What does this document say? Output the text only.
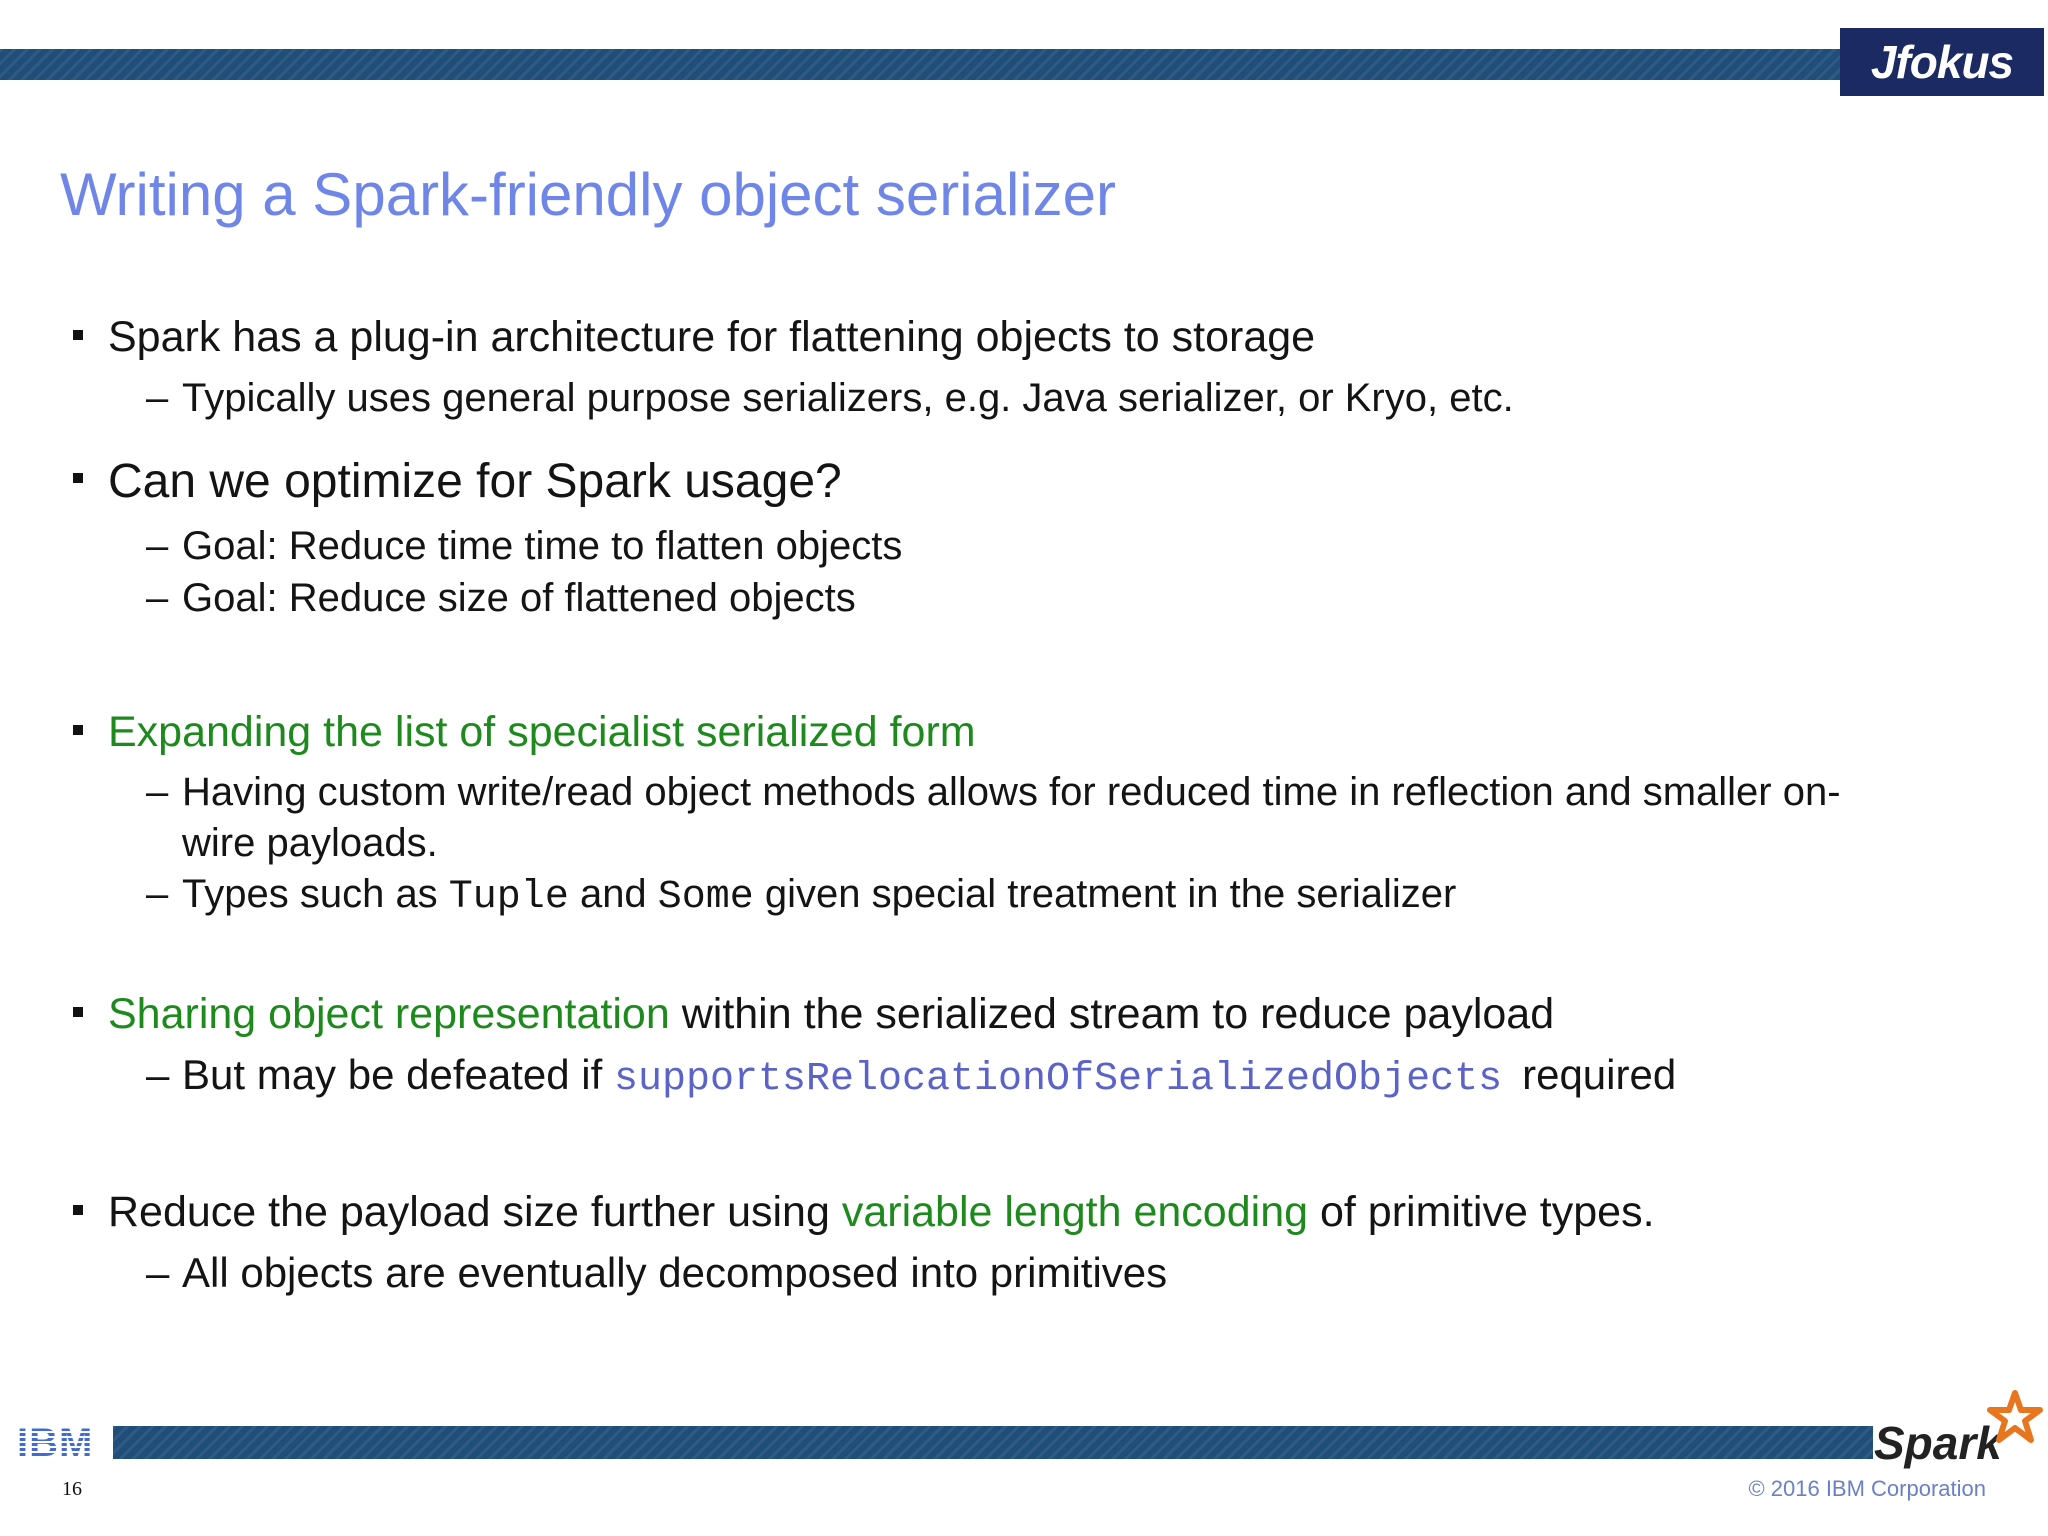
Jfokus
Writing a Spark-friendly object serializer
Spark has a plug-in architecture for flattening objects to storage
– Typically uses general purpose serializers, e.g. Java serializer, or Kryo, etc.
Can we optimize for Spark usage?
– Goal: Reduce time time to flatten objects
– Goal: Reduce size of flattened objects
Expanding the list of specialist serialized form
– Having custom write/read object methods allows for reduced time in reflection and smaller on-
wire payloads.
– Types such as Tuple and Some given special treatment in the serializer
Sharing object representation within the serialized stream to reduce payload
– But may be defeated if supportsRelocationOfSerializedObjects required
Reduce the payload size further using variable length encoding of primitive types.
– All objects are eventually decomposed into primitives
IBM	Spark
16	© 2016 IBM Corporation
